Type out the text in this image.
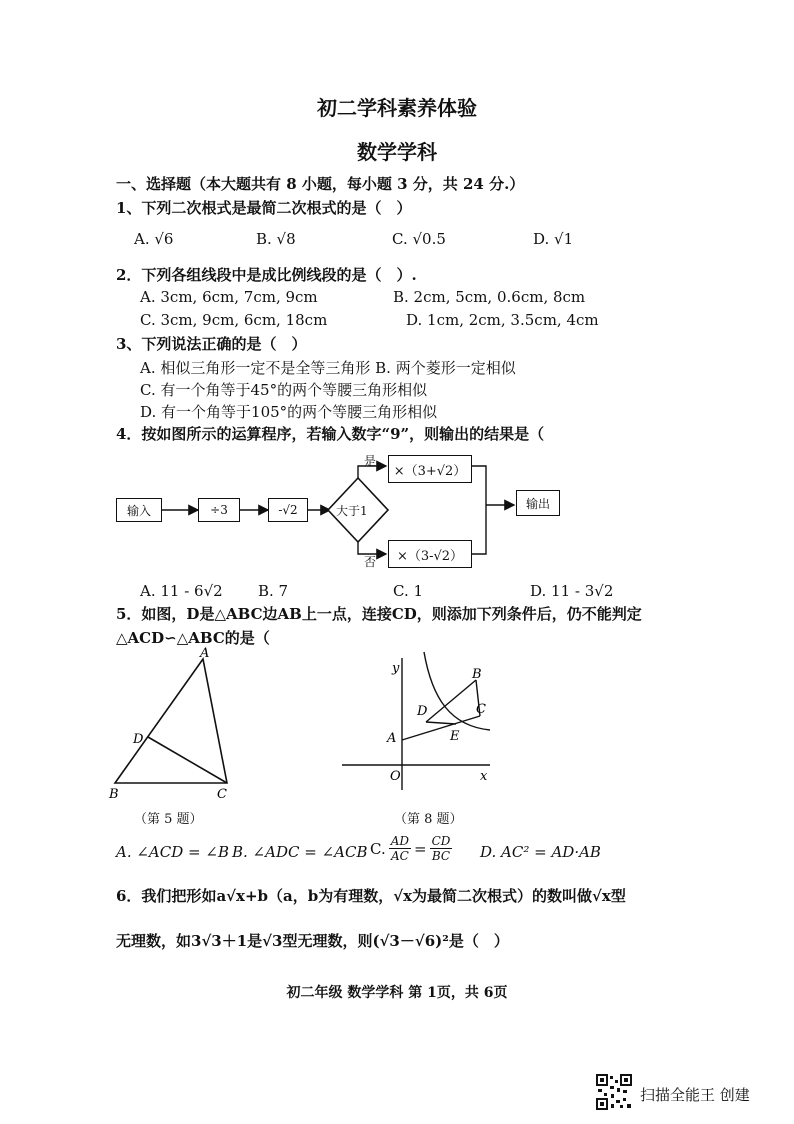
初二学科素养体验
数学学科
一、选择题（本大题共有 8 小题，每小题 3 分，共 24 分.）
1、下列二次根式是最简二次根式的是（　）
A. √6	B. √8	C. √0.5	D. √1
2．下列各组线段中是成比例线段的是（　）.
A. 3cm, 6cm, 7cm, 9cm	B. 2cm, 5cm, 0.6cm, 8cm
C. 3cm, 9cm, 6cm, 18cm	D. 1cm, 2cm, 3.5cm, 4cm
3、下列说法正确的是（　）
A. 相似三角形一定不是全等三角形 B. 两个菱形一定相似
C. 有一个角等于45°的两个等腰三角形相似
D. 有一个角等于105°的两个等腰三角形相似
4．按如图所示的运算程序，若输入数字“9”，则输出的结果是（
输入	÷3	-√2	大于1
是
否
×（3+√2）
×（3-√2）
输出
A. 11 - 6√2 B. 7	C. 1	D. 11 - 3√2
5．如图，D是△ABC边AB上一点，连接CD，则添加下列条件后，仍不能判定
△ACD∽△ABC的是（
A
B	C
D
（第 5 题）
y
x
O
A
B
C
D
E
（第 8 题）
A. ∠ACD = ∠B B. ∠ADC = ∠ACB C. $\frac{AD}{AC} = \frac{CD}{BC} D$. AC² = AD·AB
6．我们把形如a√x+b（a，b为有理数，√x为最简二次根式）的数叫做√x型
无理数，如3√3＋1是√3型无理数，则(√3－√6)²是（　）
初二年级 数学学科 第 1页，共 6页
扫描全能王 创建
